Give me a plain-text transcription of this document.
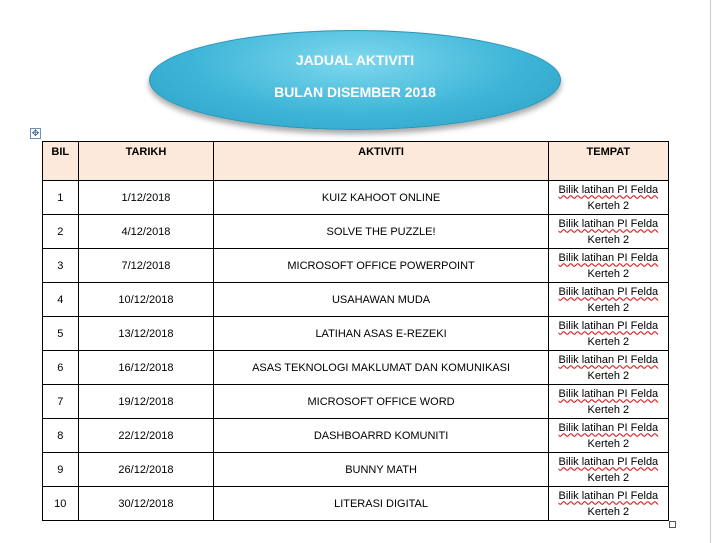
JADUAL AKTIVITI
BULAN DISEMBER 2018
✥
BIL	TARIKH	AKTIVITI	TEMPAT
1	1/12/2018	KUIZ KAHOOT ONLINE	Bilik latihan PI Felda
Kerteh 2

2	4/12/2018	SOLVE THE PUZZLE!	Bilik latihan PI Felda
Kerteh 2

3	7/12/2018	MICROSOFT OFFICE POWERPOINT	Bilik latihan PI Felda
Kerteh 2

4	10/12/2018	USAHAWAN MUDA	Bilik latihan PI Felda
Kerteh 2

5	13/12/2018	LATIHAN ASAS E-REZEKI	Bilik latihan PI Felda
Kerteh 2

6	16/12/2018	ASAS TEKNOLOGI MAKLUMAT DAN KOMUNIKASI	Bilik latihan PI Felda
Kerteh 2

7	19/12/2018	MICROSOFT OFFICE WORD	Bilik latihan PI Felda
Kerteh 2

8	22/12/2018	DASHBOARRD KOMUNITI	Bilik latihan PI Felda
Kerteh 2

9	26/12/2018	BUNNY MATH	Bilik latihan PI Felda
Kerteh 2

10	30/12/2018	LITERASI DIGITAL	Bilik latihan PI Felda
Kerteh 2
